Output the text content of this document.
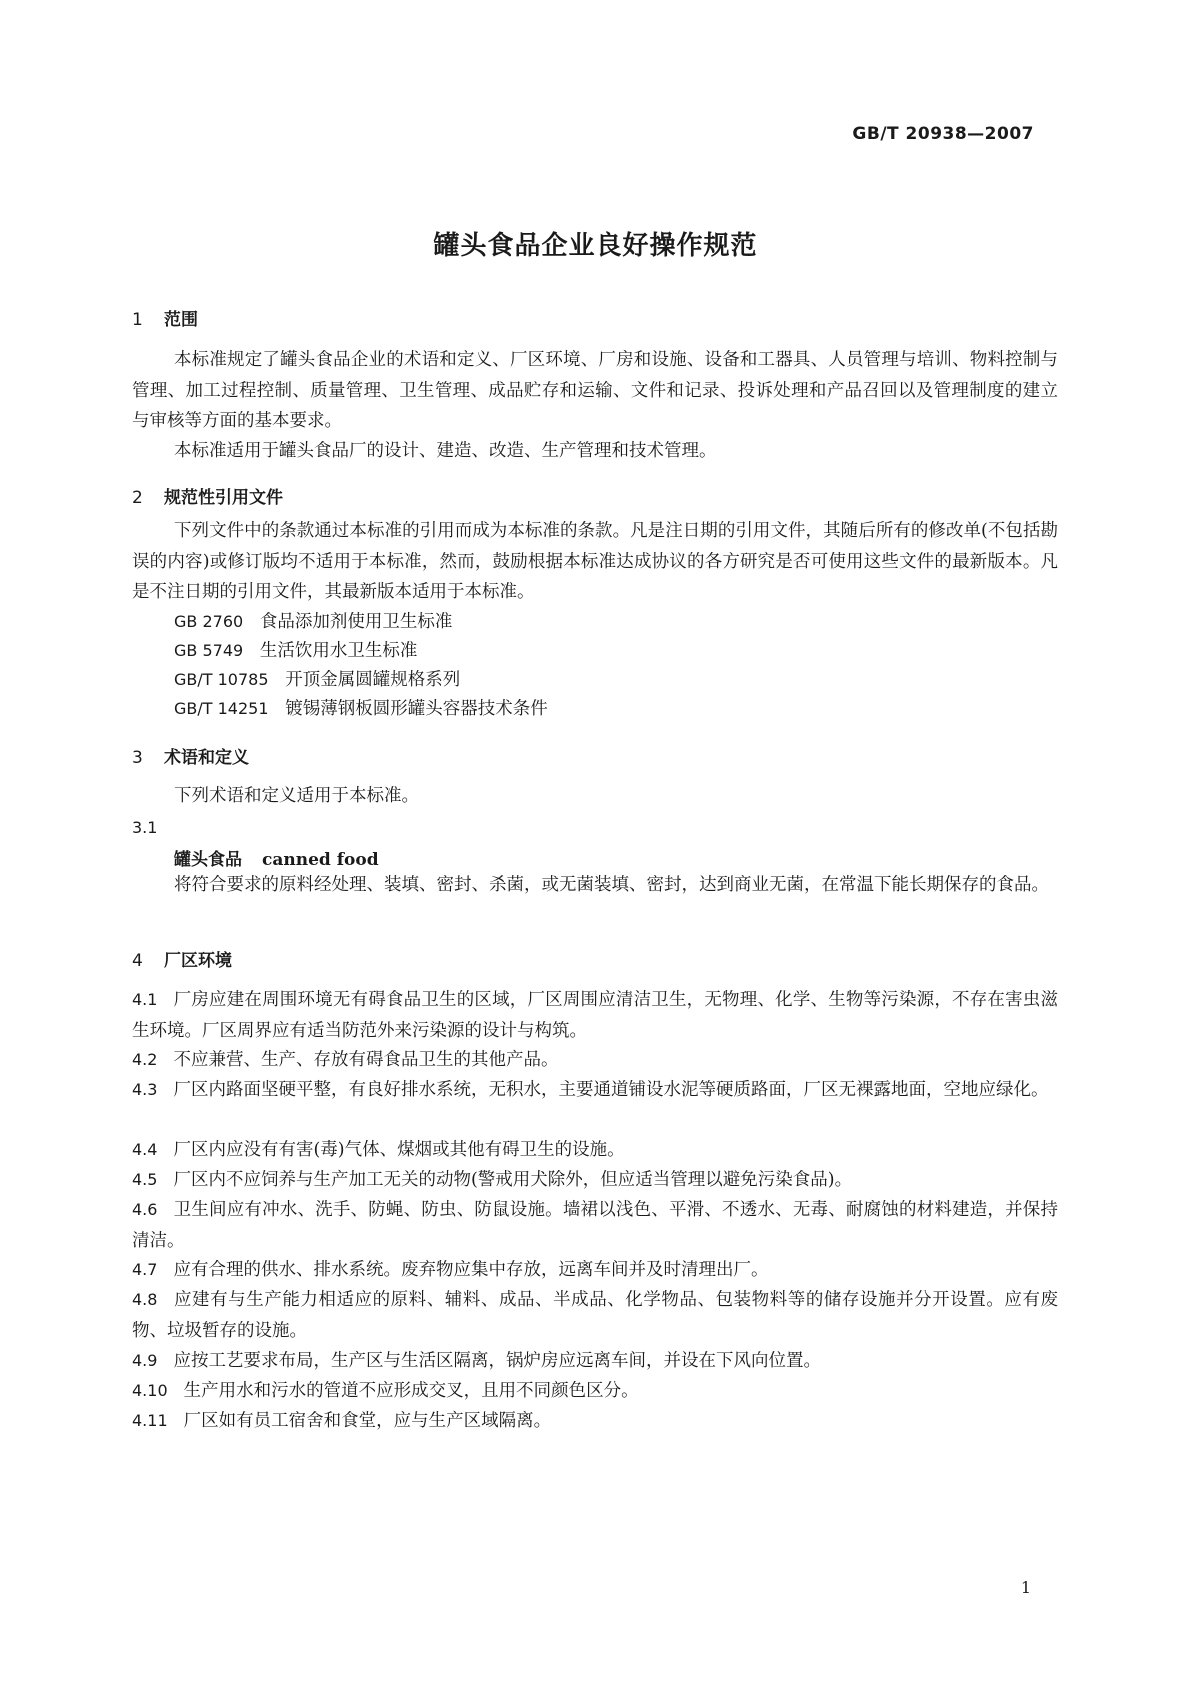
GB/T 20938—2007
罐头食品企业良好操作规范
1 范围
本标准规定了罐头食品企业的术语和定义、厂区环境、厂房和设施、设备和工器具、人员管理与培训、物料控制与管理、加工过程控制、质量管理、卫生管理、成品贮存和运输、文件和记录、投诉处理和产品召回以及管理制度的建立与审核等方面的基本要求。
本标准适用于罐头食品厂的设计、建造、改造、生产管理和技术管理。
2 规范性引用文件
下列文件中的条款通过本标准的引用而成为本标准的条款。凡是注日期的引用文件，其随后所有的修改单(不包括勘误的内容)或修订版均不适用于本标准，然而，鼓励根据本标准达成协议的各方研究是否可使用这些文件的最新版本。凡是不注日期的引用文件，其最新版本适用于本标准。
GB 2760 食品添加剂使用卫生标准
GB 5749 生活饮用水卫生标准
GB/T 10785 开顶金属圆罐规格系列
GB/T 14251 镀锡薄钢板圆形罐头容器技术条件
3 术语和定义
下列术语和定义适用于本标准。
3.1
罐头食品 canned food
将符合要求的原料经处理、装填、密封、杀菌，或无菌装填、密封，达到商业无菌，在常温下能长期保存的食品。
4 厂区环境
4.1 厂房应建在周围环境无有碍食品卫生的区域，厂区周围应清洁卫生，无物理、化学、生物等污染源，不存在害虫滋生环境。厂区周界应有适当防范外来污染源的设计与构筑。
4.2 不应兼营、生产、存放有碍食品卫生的其他产品。
4.3 厂区内路面坚硬平整，有良好排水系统，无积水，主要通道铺设水泥等硬质路面，厂区无裸露地面，空地应绿化。
4.4 厂区内应没有有害(毒)气体、煤烟或其他有碍卫生的设施。
4.5 厂区内不应饲养与生产加工无关的动物(警戒用犬除外，但应适当管理以避免污染食品)。
4.6 卫生间应有冲水、洗手、防蝇、防虫、防鼠设施。墙裙以浅色、平滑、不透水、无毒、耐腐蚀的材料建造，并保持清洁。
4.7 应有合理的供水、排水系统。废弃物应集中存放，远离车间并及时清理出厂。
4.8 应建有与生产能力相适应的原料、辅料、成品、半成品、化学物品、包装物料等的储存设施并分开设置。应有废物、垃圾暂存的设施。
4.9 应按工艺要求布局，生产区与生活区隔离，锅炉房应远离车间，并设在下风向位置。
4.10 生产用水和污水的管道不应形成交叉，且用不同颜色区分。
4.11 厂区如有员工宿舍和食堂，应与生产区域隔离。
1
